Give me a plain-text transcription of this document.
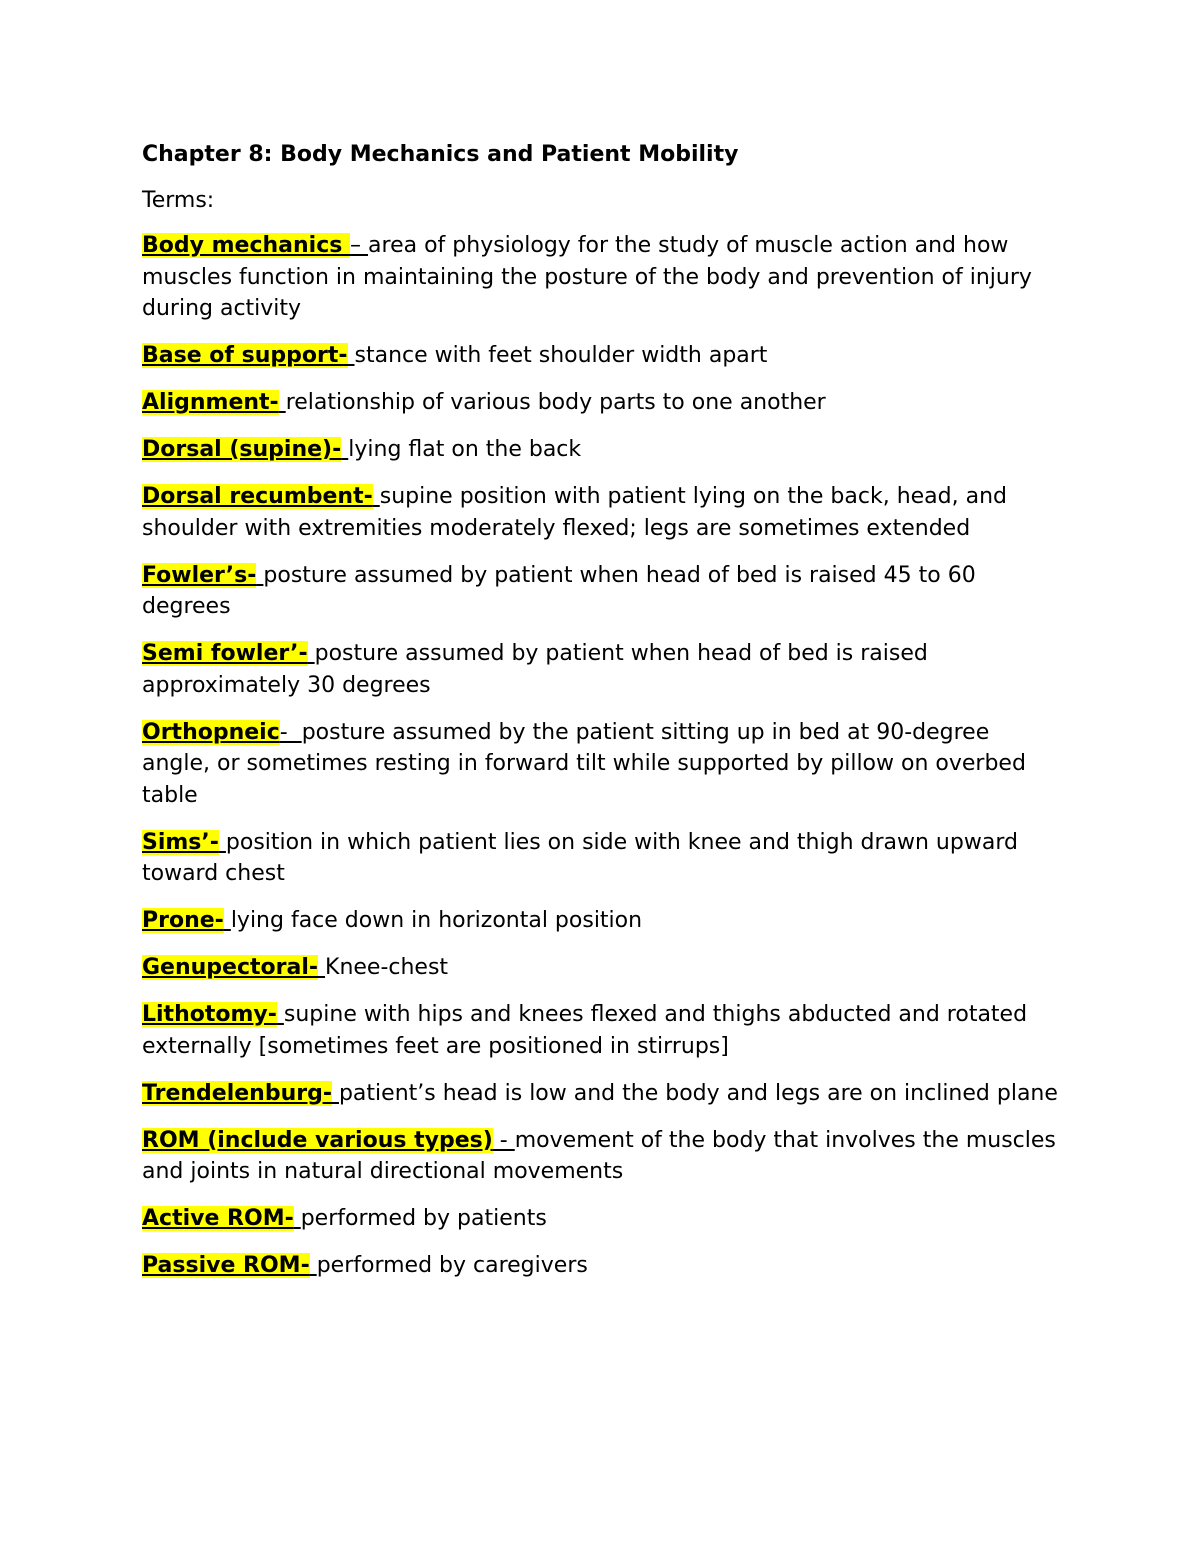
Chapter 8: Body Mechanics and Patient Mobility
Terms:
Body mechanics – area of physiology for the study of muscle action and how muscles function in maintaining the posture of the body and prevention of injury during activity
Base of support- stance with feet shoulder width apart
Alignment- relationship of various body parts to one another
Dorsal (supine)- lying flat on the back
Dorsal recumbent- supine position with patient lying on the back, head, and shoulder with extremities moderately flexed; legs are sometimes extended
Fowler’s- posture assumed by patient when head of bed is raised 45 to 60 degrees
Semi fowler’- posture assumed by patient when head of bed is raised approximately 30 degrees
Orthopneic-  posture assumed by the patient sitting up in bed at 90-degree angle, or sometimes resting in forward tilt while supported by pillow on overbed table
Sims’- position in which patient lies on side with knee and thigh drawn upward toward chest
Prone- lying face down in horizontal position
Genupectoral- Knee-chest
Lithotomy- supine with hips and knees flexed and thighs abducted and rotated externally [sometimes feet are positioned in stirrups]
Trendelenburg- patient’s head is low and the body and legs are on inclined plane
ROM (include various types) - movement of the body that involves the muscles and joints in natural directional movements
Active ROM- performed by patients
Passive ROM- performed by caregivers
